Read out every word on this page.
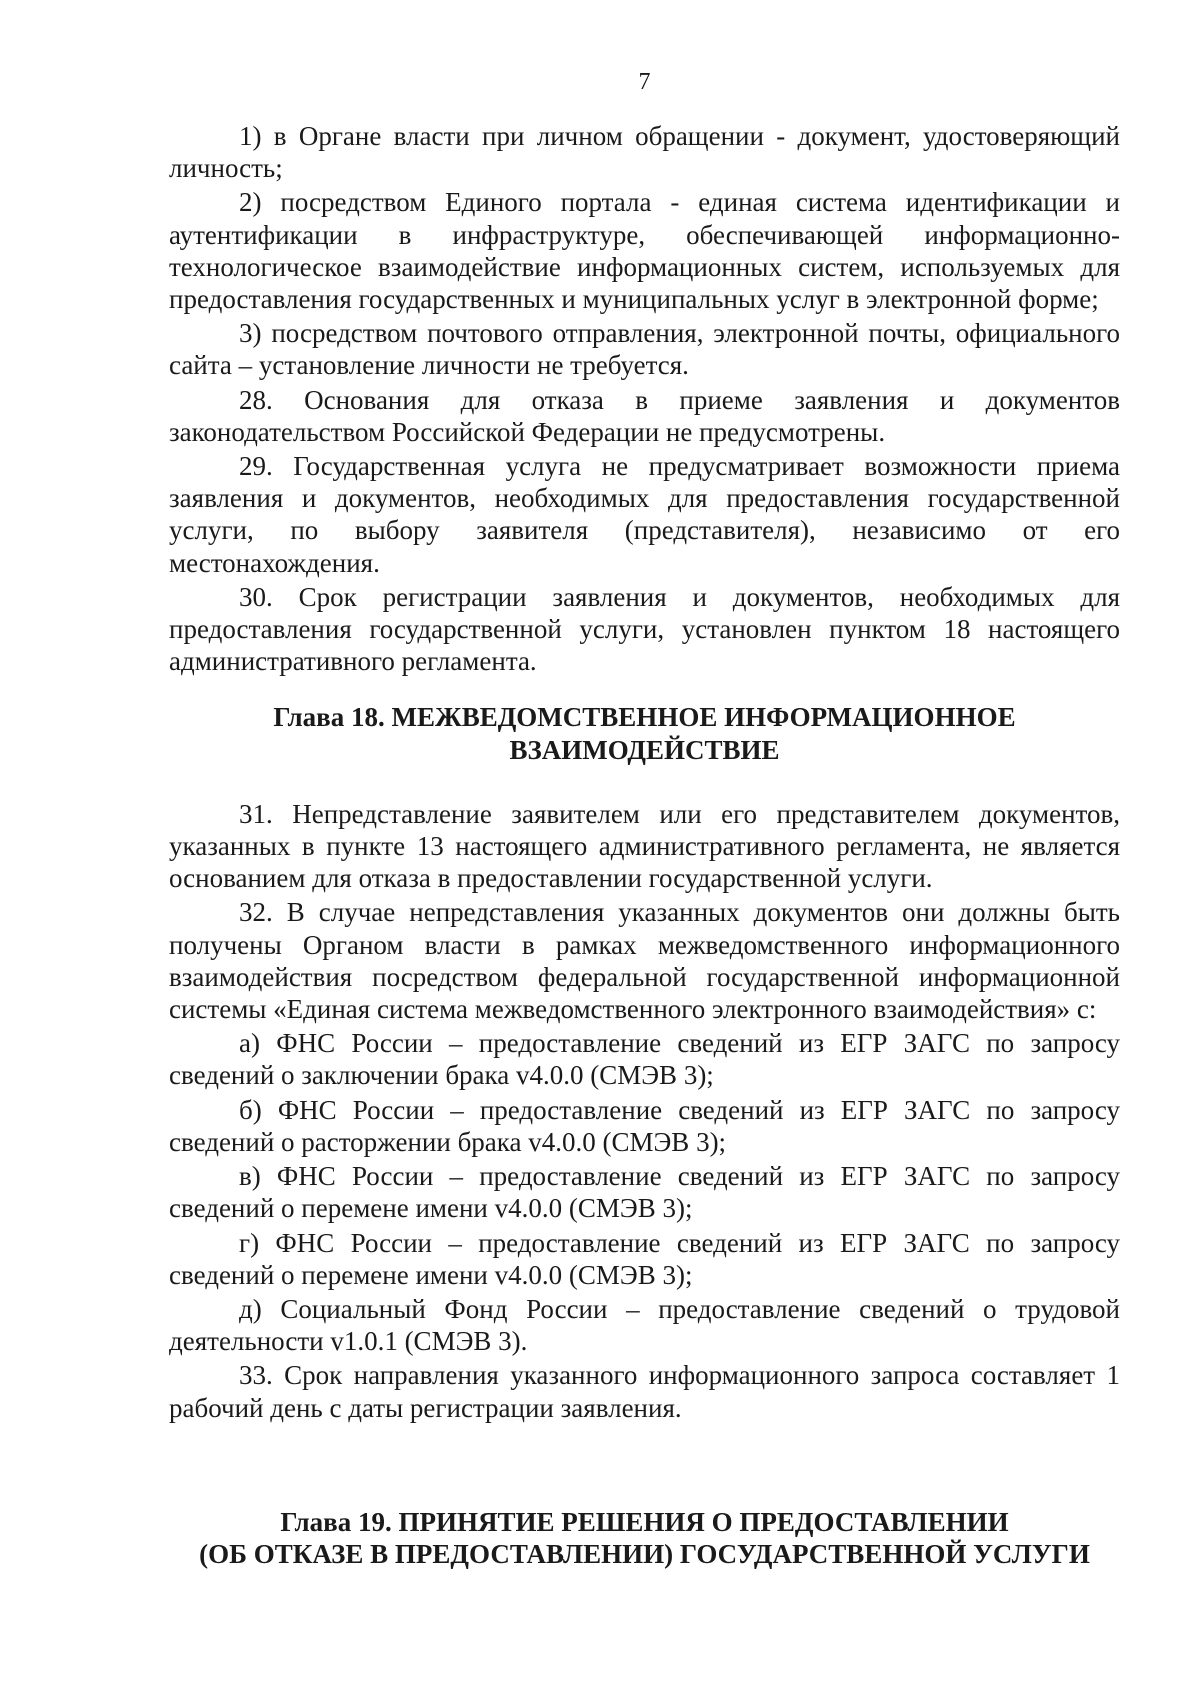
7

1) в Органе власти при личном обращении - документ, удостоверяющий личность;

2) посредством Единого портала - единая система идентификации и аутентификации в инфраструктуре, обеспечивающей информационно-технологическое взаимодействие информационных систем, используемых для предоставления государственных и муниципальных услуг в электронной форме;

3) посредством почтового отправления, электронной почты, официального сайта – установление личности не требуется.

28. Основания для отказа в приеме заявления и документов законодательством Российской Федерации не предусмотрены.

29. Государственная услуга не предусматривает возможности приема заявления и документов, необходимых для предоставления государственной услуги, по выбору заявителя (представителя), независимо от его местонахождения.

30. Срок регистрации заявления и документов, необходимых для предоставления государственной услуги, установлен пунктом 18 настоящего административного регламента.

Глава 18. МЕЖВЕДОМСТВЕННОЕ ИНФОРМАЦИОННОЕ
ВЗАИМОДЕЙСТВИЕ

31. Непредставление заявителем или его представителем документов, указанных в пункте 13 настоящего административного регламента, не является основанием для отказа в предоставлении государственной услуги.

32. В случае непредставления указанных документов они должны быть получены Органом власти в рамках межведомственного информационного взаимодействия посредством федеральной государственной информационной системы «Единая система межведомственного электронного взаимодействия» с:

а) ФНС России – предоставление сведений из ЕГР ЗАГС по запросу сведений о заключении брака v4.0.0 (СМЭВ 3);

б) ФНС России – предоставление сведений из ЕГР ЗАГС по запросу сведений о расторжении брака v4.0.0 (СМЭВ 3);

в) ФНС России – предоставление сведений из ЕГР ЗАГС по запросу сведений о перемене имени v4.0.0 (СМЭВ 3);

г) ФНС России – предоставление сведений из ЕГР ЗАГС по запросу сведений о перемене имени v4.0.0 (СМЭВ 3);

д) Социальный Фонд России – предоставление сведений о трудовой деятельности v1.0.1 (СМЭВ 3).

33. Срок направления указанного информационного запроса составляет 1 рабочий день с даты регистрации заявления.

Глава 19. ПРИНЯТИЕ РЕШЕНИЯ О ПРЕДОСТАВЛЕНИИ
(ОБ ОТКАЗЕ В ПРЕДОСТАВЛЕНИИ) ГОСУДАРСТВЕННОЙ УСЛУГИ
